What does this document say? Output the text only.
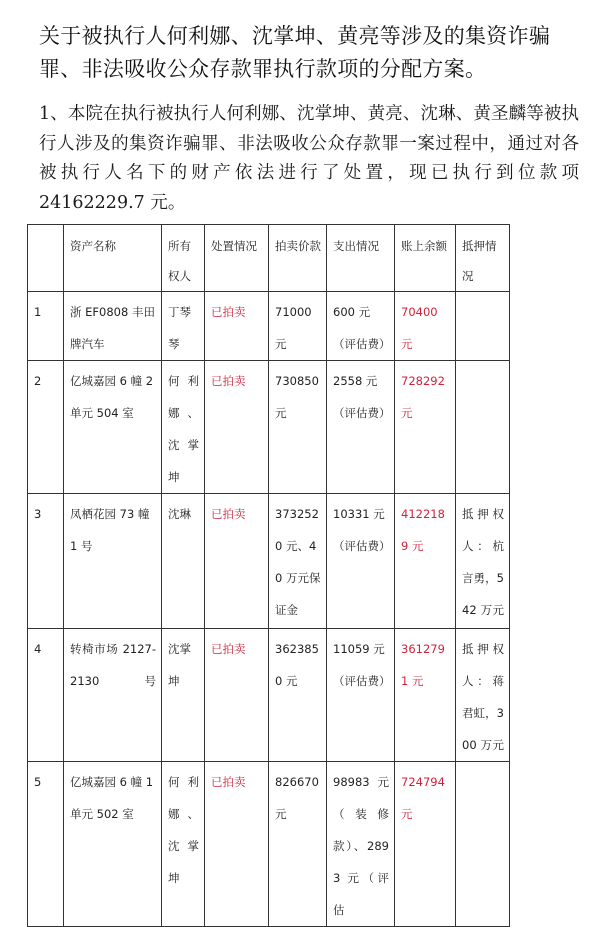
关于被执行人何利娜、沈掌坤、黄亮等涉及的集资诈骗罪、非法吸收公众存款罪执行款项的分配方案。
1、本院在执行被执行人何利娜、沈掌坤、黄亮、沈琳、黄圣麟等被执行人涉及的集资诈骗罪、非法吸收公众存款罪一案过程中，通过对各被执行人名下的财产依法进行了处置，现已执行到位款项 24162229.7 元。
	资产名称	所有权人	处置情况	拍卖价款	支出情况	账上余额	抵押情况
1	浙 EF0808 丰田牌汽车	丁琴琴	已拍卖	71000 元	600 元（评估费）	70400 元	
2	亿城嘉园 6 幢 2 单元 504 室	何利娜、沈掌坤	已拍卖	730850 元	2558 元（评估费）	728292 元	
3	凤栖花园 73 幢 1 号	沈琳	已拍卖	3732520 元、40 万元保证金	10331 元（评估费）	4122189 元	抵押权人：杭言勇，542 万元
4	转椅市场 2127-2130 号	沈掌坤	已拍卖	3623850 元	11059 元（评估费）	3612791 元	抵押权人：蒋君虹，300 万元
5	亿城嘉园 6 幢 1 单元 502 室	何利娜、沈掌坤	已拍卖	826670 元	98983 元（装修款）、2893 元（评估	724794 元	
